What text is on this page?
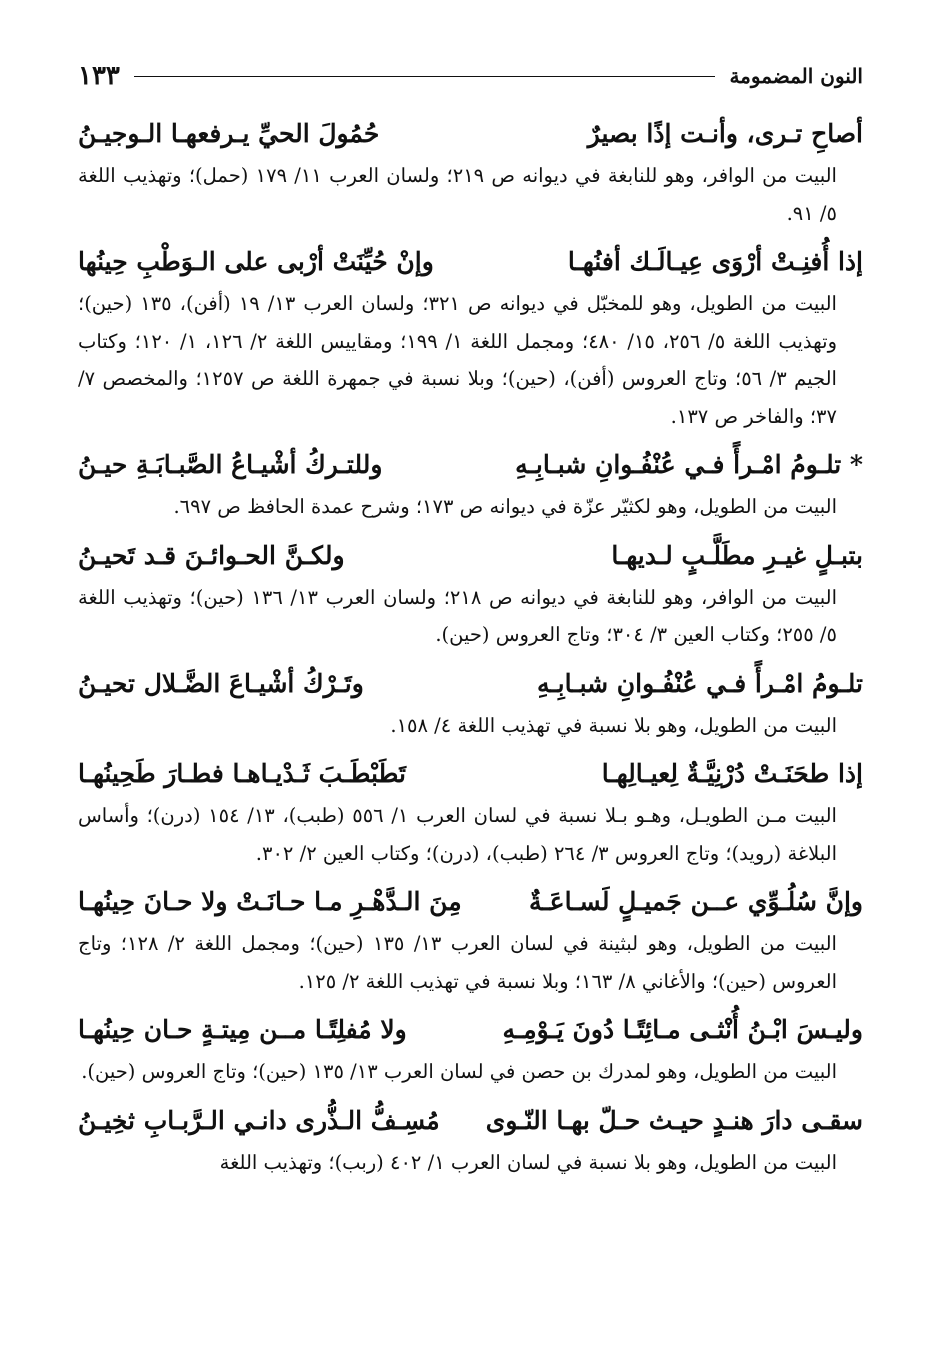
النون المضمومة
١٣٣
أصاحِ تـرى، وأنـت إذًا بصيرٌ
حُمُولَ الحيِّ يـرفعهـا الـوجيـنُ

البيت من الوافر، وهو للنابغة في ديوانه ص ٢١٩؛ ولسان العرب ١١/ ١٧٩ (حمل)؛ وتهذيب اللغة ٥/ ٩١.

إذا أُفنِـتْ أرْوَى عِيـالَـك أفنُهـا
وإنْ حُيِّنَتْ أرْبى على الـوَطْبِ حِينُها

البيت من الطويل، وهو للمخبّل في ديوانه ص ٣٢١؛ ولسان العرب ١٣/ ١٩ (أفن)، ١٣٥ (حين)؛ وتهذيب اللغة ٥/ ٢٥٦، ١٥/ ٤٨٠؛ ومجمل اللغة ١/ ١٩٩؛ ومقاييس اللغة ٢/ ١٢٦، ١/ ١٢٠؛ وكتاب الجيم ٣/ ٥٦؛ وتاج العروس (أفن)، (حين)؛ وبلا نسبة في جمهرة اللغة ص ١٢٥٧؛ والمخصص ٧/ ٣٧؛ والفاخر ص ١٣٧.

* تلـومُ امْـرأً فـي عُنْفُـوانِ شبـابِـهِ
وللتـركُ أشْيـاعُ الصَّبـابَـةِ حيـنُ

البيت من الطويل، وهو لكثيّر عزّة في ديوانه ص ١٧٣؛ وشرح عمدة الحافظ ص ٦٩٧.

بتبـلٍ غيـرِ مطَلَّـبٍ لـديهـا
ولكـنَّ الحـوائـنَ قـد تَحيـنُ

البيت من الوافر، وهو للنابغة في ديوانه ص ٢١٨؛ ولسان العرب ١٣/ ١٣٦ (حين)؛ وتهذيب اللغة ٥/ ٢٥٥؛ وكتاب العين ٣/ ٣٠٤؛ وتاج العروس (حين).

تلـومُ امْـرأً فـي عُنْفُـوانِ شبـابِـهِ
وتَـرْكُ أشْيـاعَ الضَّـلال تحيـنُ

البيت من الطويل، وهو بلا نسبة في تهذيب اللغة ٤/ ١٥٨.

إذا طحَنَـتْ دُرْنِيَّـةٌ لِعيـالِهـا
تَطَبْطَـبَ ثَـدْيـاهـا فطـارَ طَحِينُهـا

البيت مـن الطويـل، وهـو بـلا نسبة في لسان العرب ١/ ٥٥٦ (طبب)، ١٣/ ١٥٤ (درن)؛ وأساس البلاغة (رويد)؛ وتاج العروس ٣/ ٢٦٤ (طبب)، (درن)؛ وكتاب العين ٢/ ٣٠٢.

وإنَّ سُلُـوِّي عــن جَميـلٍ لَسـاعَـةٌ
مِنَ الـدَّهْـرِ مـا حـانَـتْ ولا حـانَ حِينُهـا

البيت من الطويل، وهو لبثينة في لسان العرب ١٣/ ١٣٥ (حين)؛ ومجمل اللغة ٢/ ١٢٨؛ وتاج العروس (حين)؛ والأغاني ٨/ ١٦٣؛ وبلا نسبة في تهذيب اللغة ٢/ ١٢٥.

وليـسَ ابْـنُ أُنْثـى مـائِتًـا دُونَ يَـوْمِـهِ
ولا مُفلِتًـا مــن مِيتـةٍ حـان حِينُهـا

البيت من الطويل، وهو لمدرك بن حصن في لسان العرب ١٣/ ١٣٥ (حين)؛ وتاج العروس (حين).

سقـى دارَ هنـدٍ حيـث حـلّ بهـا النّـوى
مُسِـفُّ الـذُّرى دانـي الـرَّبـابِ ثخِيـنُ

البيت من الطويل، وهو بلا نسبة في لسان العرب ١/ ٤٠٢ (ربب)؛ وتهذيب اللغة
